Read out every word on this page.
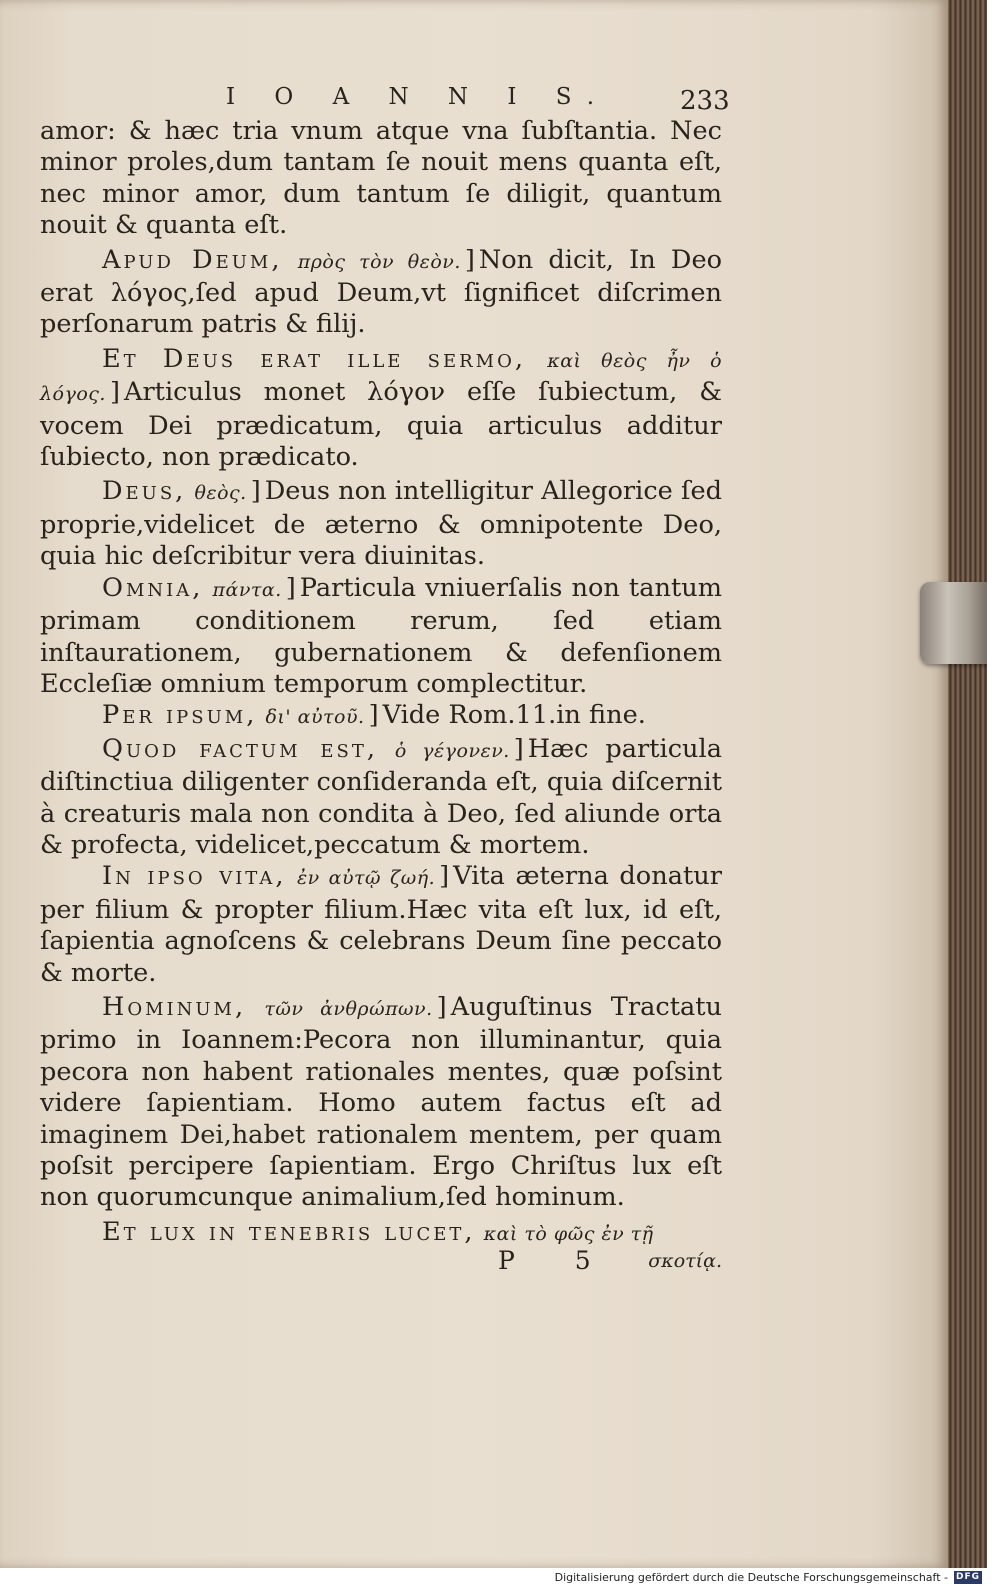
I O A N N I S.	233

amor: & hæc tria vnum atque vna ſubſtantia. Nec minor proles,dum tantam ſe nouit mens quanta eſt, nec minor amor, dum tantum ſe diligit, quantum nouit & quanta eſt.

Apud Deum, πρὸς τὸν θεὸν. ] Non dicit, In Deo erat λόγος,ſed apud Deum,vt ſignificet diſcrimen perſonarum patris & filij.

Et Deus erat ille sermo, καὶ θεὸς ἦν ὁ λόγος. ] Articulus monet λόγον eſſe ſubiectum, & vocem Dei prædicatum, quia articulus additur ſubiecto, non prædicato.

Deus, θεὸς. ] Deus non intelligitur Allegorice ſed proprie,videlicet de æterno & omnipotente Deo, quia hic deſcribitur vera diuinitas.

Omnia, πάντα. ] Particula vniuerſalis non tantum primam conditionem rerum, ſed etiam inſtaurationem, gubernationem & defenſionem Eccleſiæ omnium temporum complectitur.

Per ipsum, δι' αὐτοῦ. ] Vide Rom.11.in fine.

Quod factum est, ὁ γέγονεν. ] Hæc particula diſtinctiua diligenter conſideranda eſt, quia diſcernit à creaturis mala non condita à Deo, ſed aliunde orta & profecta, videlicet,peccatum & mortem.

In ipso vita, ἐν αὐτῷ ζωή. ] Vita æterna donatur per filium & propter filium.Hæc vita eſt lux, id eſt, ſapientia agnoſcens & celebrans Deum ſine peccato & morte.

Hominum, τῶν ἀνθρώπων. ] Auguſtinus Tractatu primo in Ioannem:Pecora non illuminantur, quia pecora non habent rationales mentes, quæ poſsint videre ſapientiam. Homo autem factus eſt ad imaginem Dei,habet rationalem mentem, per quam poſsit percipere ſapientiam. Ergo Chriſtus lux eſt non quorumcunque animalium,ſed hominum.

Et lux in tenebris lucet, καὶ τὸ φῶς ἐν τῇ

P 5 σκοτίᾳ.
Digitalisierung gefördert durch die Deutsche Forschungsgemeinschaft - DFG
